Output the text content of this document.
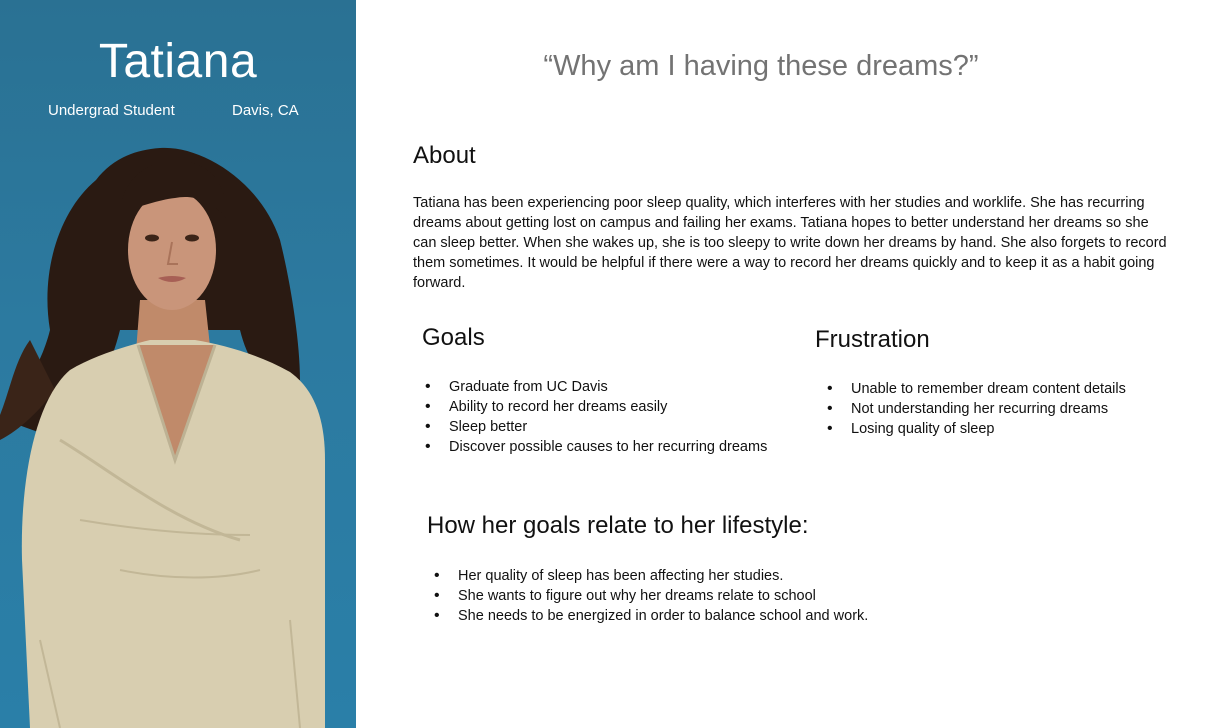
Tatiana
Undergrad Student	Davis, CA
“Why am I having these dreams?”
About

Tatiana has been experiencing poor sleep quality, which interferes with her studies and worklife. She has recurring dreams about getting lost on campus and failing her exams. Tatiana hopes to better understand her dreams so she can sleep better. When she wakes up, she is too sleepy to write down her dreams by hand. She also forgets to record them sometimes. It would be helpful if there were a way to record her dreams quickly and to keep it as a habit going forward.

Goals
• Graduate from UC Davis
• Ability to record her dreams easily
• Sleep better
• Discover possible causes to her recurring dreams
Frustration
• Unable to remember dream content details
• Not understanding her recurring dreams
• Losing quality of sleep
How her goals relate to her lifestyle:
• Her quality of sleep has been affecting her studies.
• She wants to figure out why her dreams relate to school
• She needs to be energized in order to balance school and work.
